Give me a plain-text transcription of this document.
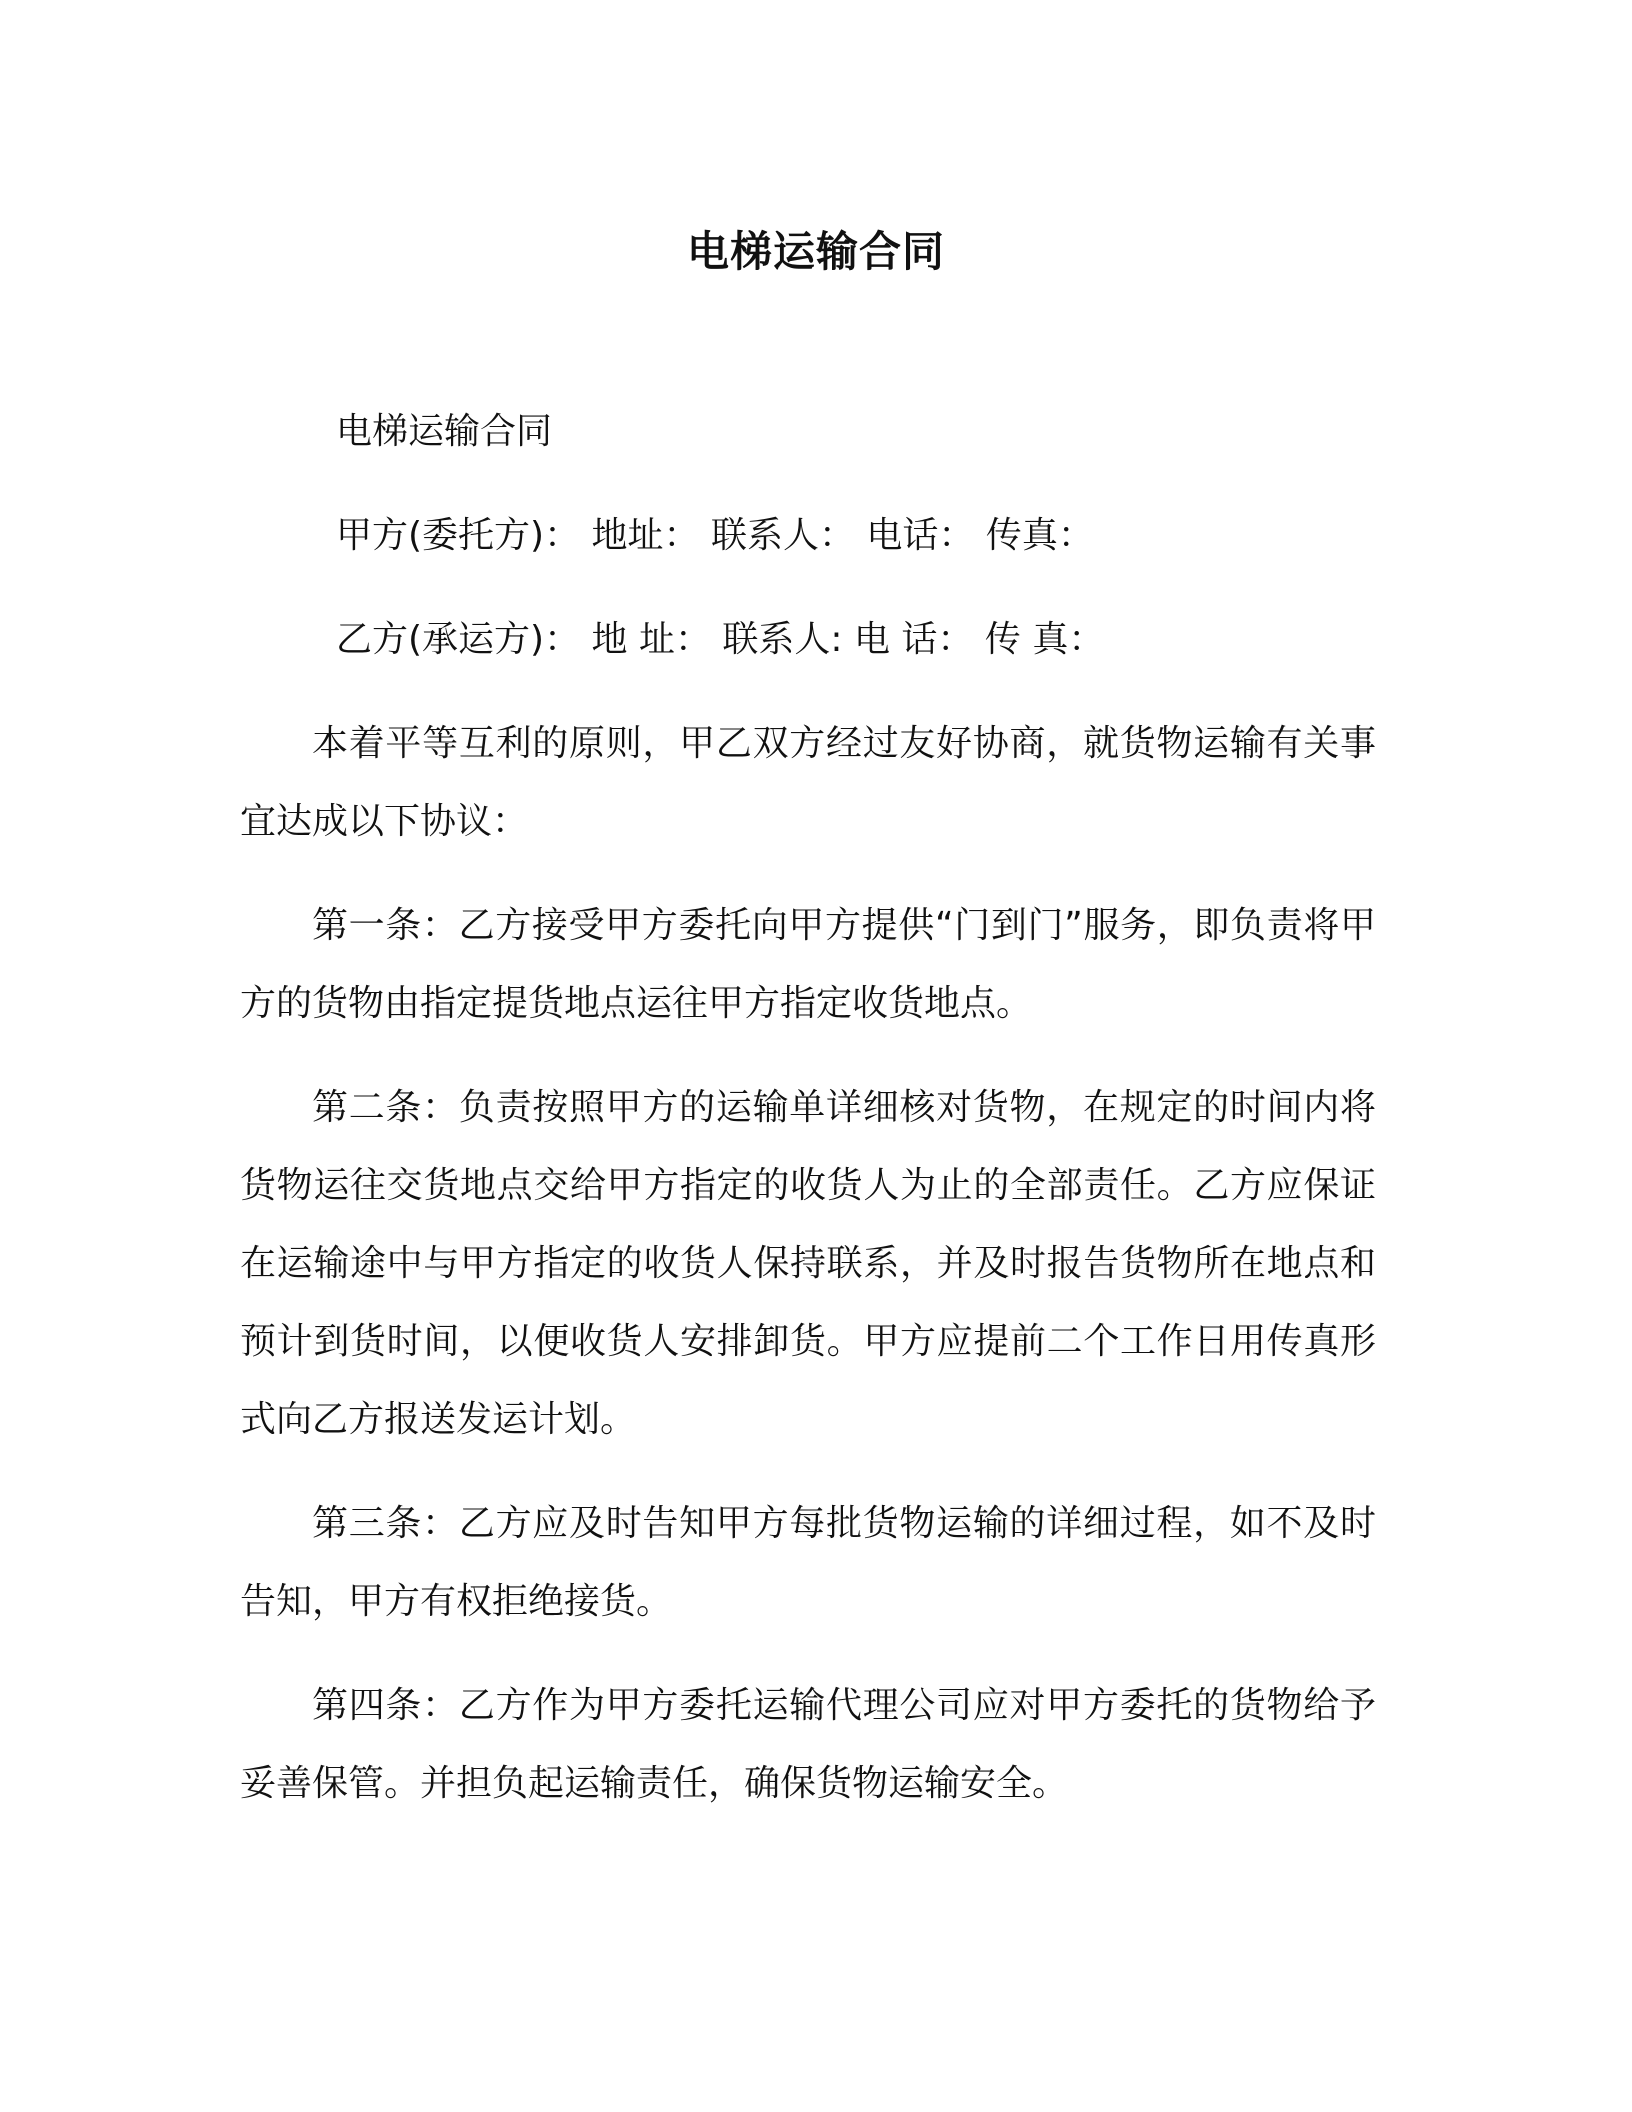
电梯运输合同

电梯运输合同

甲方(委托方)： 地址： 联系人： 电话： 传真：

乙方(承运方)： 地 址： 联系人: 电 话： 传 真：

本着平等互利的原则，甲乙双方经过友好协商，就货物运输有关事宜达成以下协议：

第一条：乙方接受甲方委托向甲方提供“门到门”服务，即负责将甲方的货物由指定提货地点运往甲方指定收货地点。

第二条：负责按照甲方的运输单详细核对货物，在规定的时间内将货物运往交货地点交给甲方指定的收货人为止的全部责任。乙方应保证在运输途中与甲方指定的收货人保持联系，并及时报告货物所在地点和预计到货时间，以便收货人安排卸货。甲方应提前二个工作日用传真形式向乙方报送发运计划。

第三条：乙方应及时告知甲方每批货物运输的详细过程，如不及时告知，甲方有权拒绝接货。

第四条：乙方作为甲方委托运输代理公司应对甲方委托的货物给予妥善保管。并担负起运输责任，确保货物运输安全。
